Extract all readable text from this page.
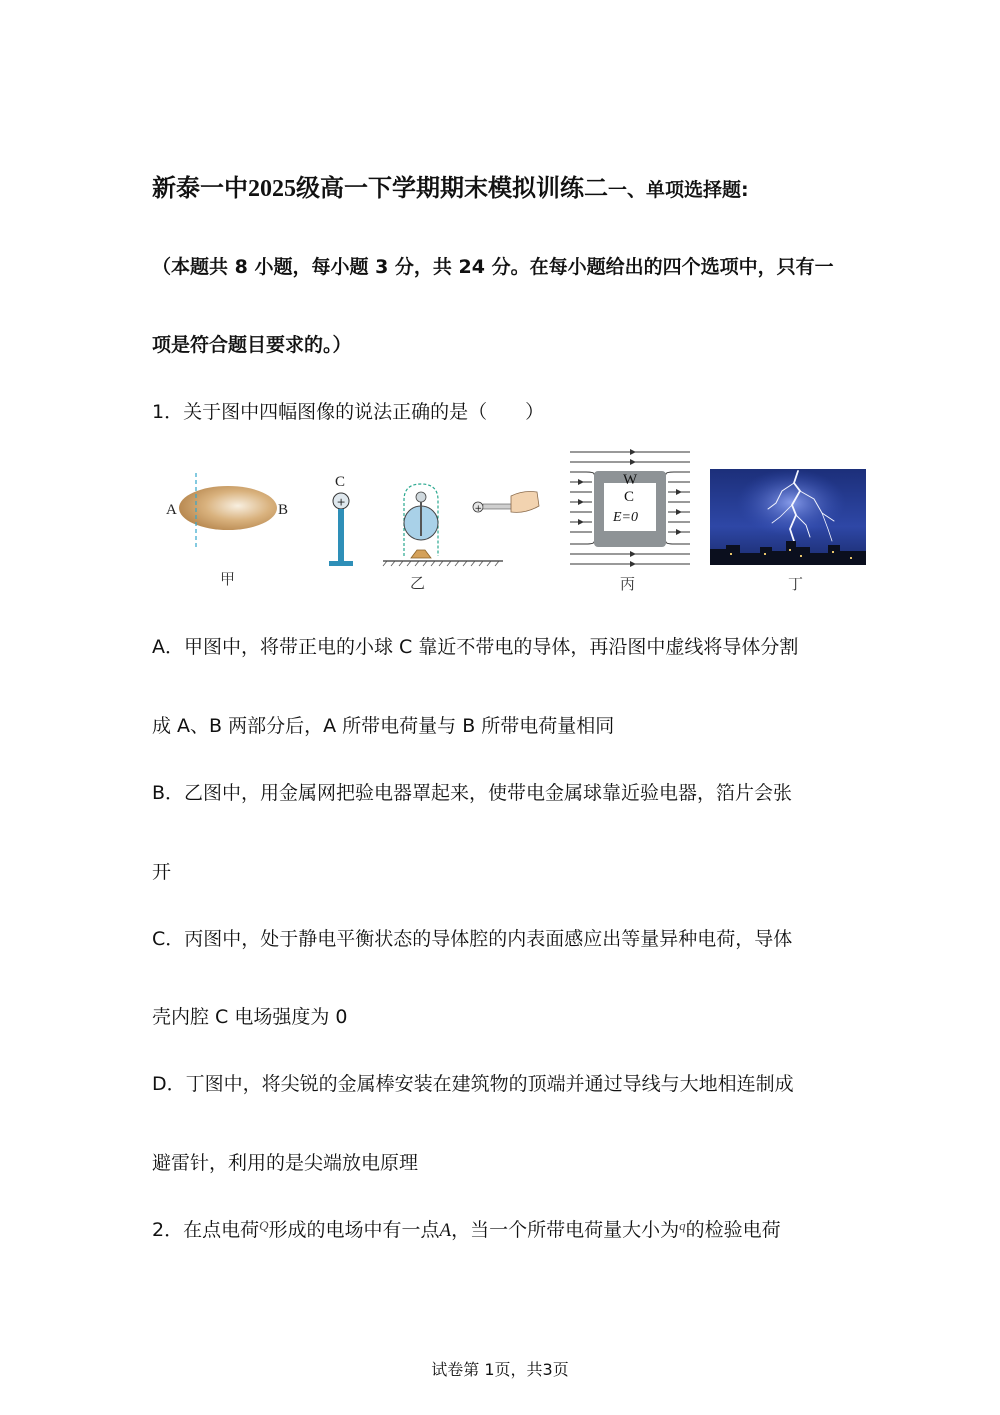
新泰一中2025级高一下学期期末模拟训练二一、单项选择题:
（本题共 8 小题，每小题 3 分，共 24 分。在每小题给出的四个选项中，只有一
项是符合题目要求的。）
1．关于图中四幅图像的说法正确的是（　　）
A	B
甲
C
+
+
乙
W
C
E=0
丙	丁
A．甲图中，将带正电的小球 C 靠近不带电的导体，再沿图中虚线将导体分割
成 A、B 两部分后，A 所带电荷量与 B 所带电荷量相同
B．乙图中，用金属网把验电器罩起来，使带电金属球靠近验电器，箔片会张
开
C．丙图中，处于静电平衡状态的导体腔的内表面感应出等量异种电荷，导体
壳内腔 C 电场强度为 0
D．丁图中，将尖锐的金属棒安装在建筑物的顶端并通过导线与大地相连制成
避雷针，利用的是尖端放电原理
2．在点电荷$^Q$形成的电场中有一点A，当一个所带电荷量大小为$^q$的检验电荷
试卷第 1页，共3页
